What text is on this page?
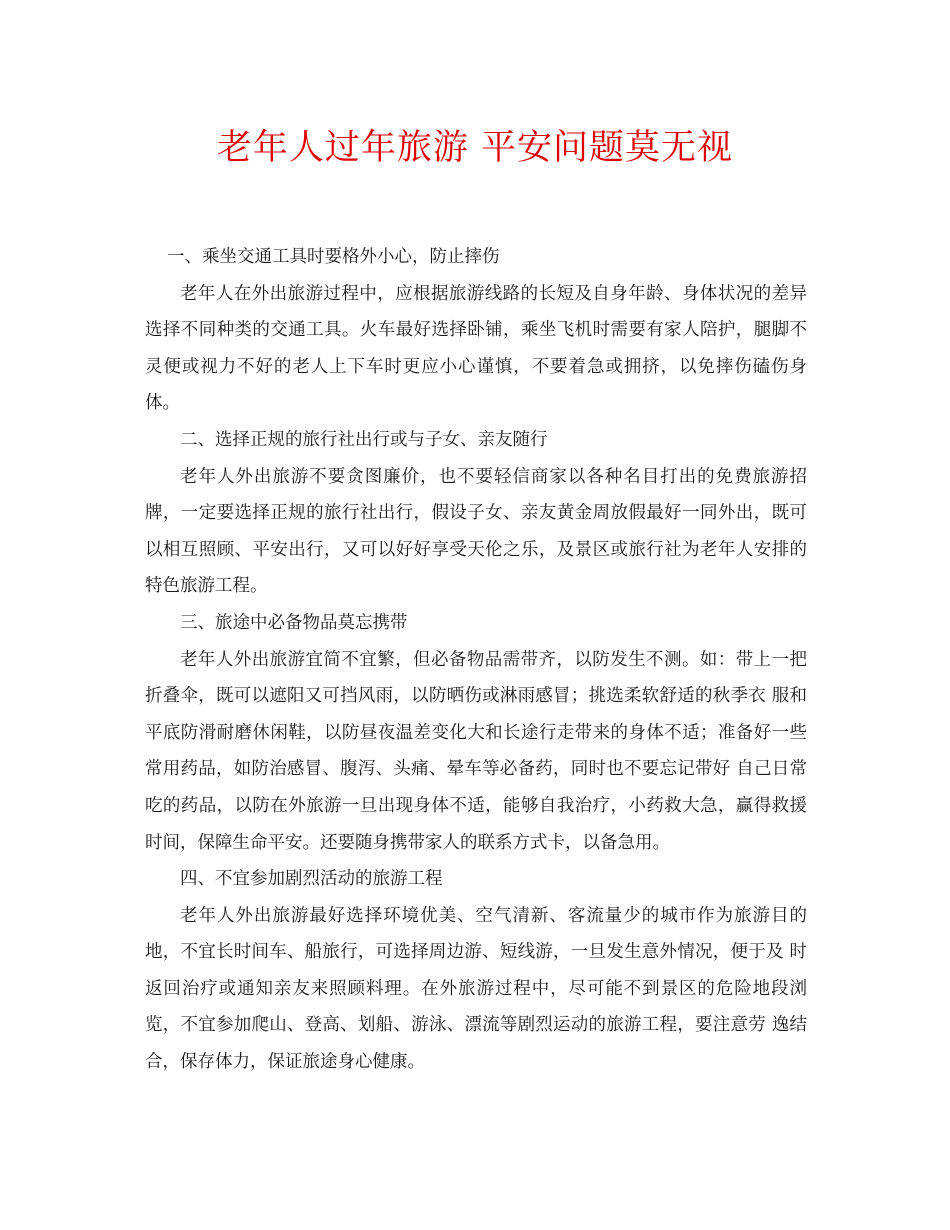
老年人过年旅游 平安问题莫无视

一、乘坐交通工具时要格外小心，防止摔伤

老年人在外出旅游过程中，应根据旅游线路的长短及自身年龄、身体状况的差异选择不同种类的交通工具。火车最好选择卧铺，乘坐飞机时需要有家人陪护，腿脚不灵便或视力不好的老人上下车时更应小心谨慎，不要着急或拥挤，以免摔伤磕伤身体。

二、选择正规的旅行社出行或与子女、亲友随行

老年人外出旅游不要贪图廉价，也不要轻信商家以各种名目打出的免费旅游招牌，一定要选择正规的旅行社出行，假设子女、亲友黄金周放假最好一同外出，既可以相互照顾、平安出行，又可以好好享受天伦之乐，及景区或旅行社为老年人安排的特色旅游工程。

三、旅途中必备物品莫忘携带

老年人外出旅游宜简不宜繁，但必备物品需带齐，以防发生不测。如：带上一把折叠伞，既可以遮阳又可挡风雨，以防晒伤或淋雨感冒；挑选柔软舒适的秋季衣 服和平底防滑耐磨休闲鞋，以防昼夜温差变化大和长途行走带来的身体不适；准备好一些常用药品，如防治感冒、腹泻、头痛、晕车等必备药，同时也不要忘记带好 自己日常吃的药品，以防在外旅游一旦出现身体不适，能够自我治疗，小药救大急，赢得救援时间，保障生命平安。还要随身携带家人的联系方式卡，以备急用。

四、不宜参加剧烈活动的旅游工程

老年人外出旅游最好选择环境优美、空气清新、客流量少的城市作为旅游目的地，不宜长时间车、船旅行，可选择周边游、短线游，一旦发生意外情况，便于及 时返回治疗或通知亲友来照顾料理。在外旅游过程中，尽可能不到景区的危险地段浏览，不宜参加爬山、登高、划船、游泳、漂流等剧烈运动的旅游工程，要注意劳 逸结合，保存体力，保证旅途身心健康。
